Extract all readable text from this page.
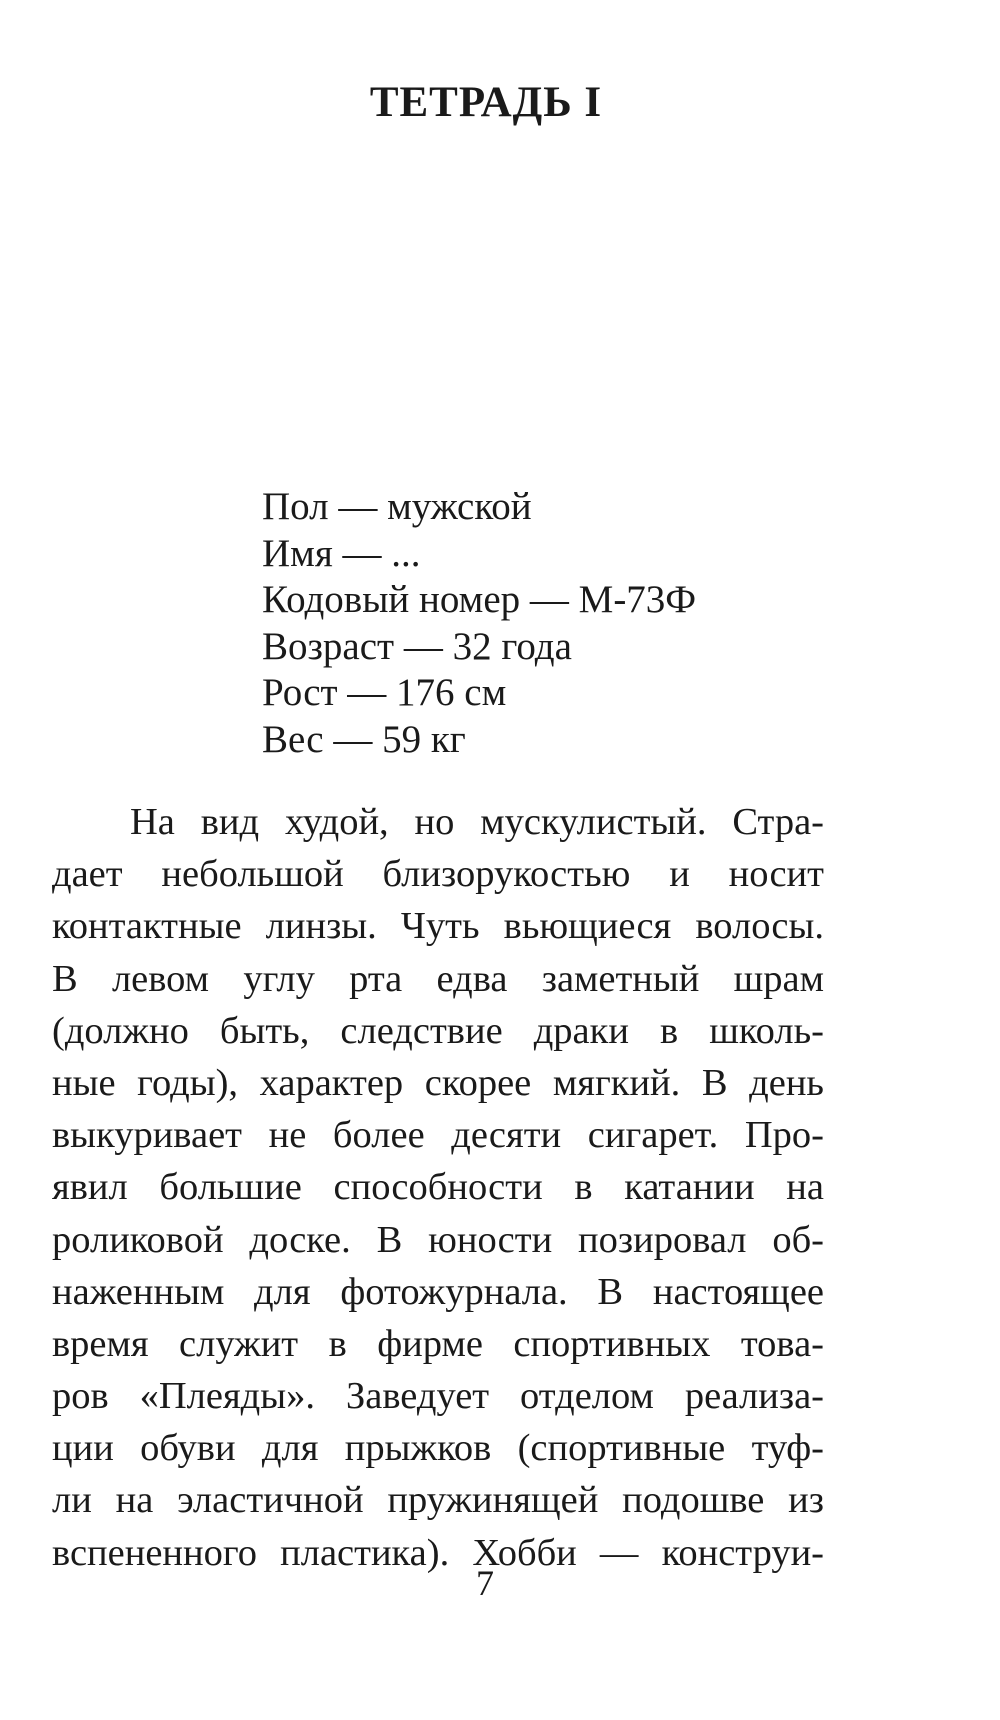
ТЕТРАДЬ I
Пол — мужской
Имя — ...
Кодовый номер — М-73Ф
Возраст — 32 года
Рост — 176 см
Вес — 59 кг
На вид худой, но мускулистый. Стра-
дает небольшой близорукостью и носит
контактные линзы. Чуть вьющиеся волосы.
В левом углу рта едва заметный шрам
(должно быть, следствие драки в школь-
ные годы), характер скорее мягкий. В день
выкуривает не более десяти сигарет. Про-
явил большие способности в катании на
роликовой доске. В юности позировал об-
наженным для фотожурнала. В настоящее
время служит в фирме спортивных това-
ров «Плеяды». Заведует отделом реализа-
ции обуви для прыжков (спортивные туф-
ли на эластичной пружинящей подошве из
вспененного пластика). Хобби — конструи-
7
